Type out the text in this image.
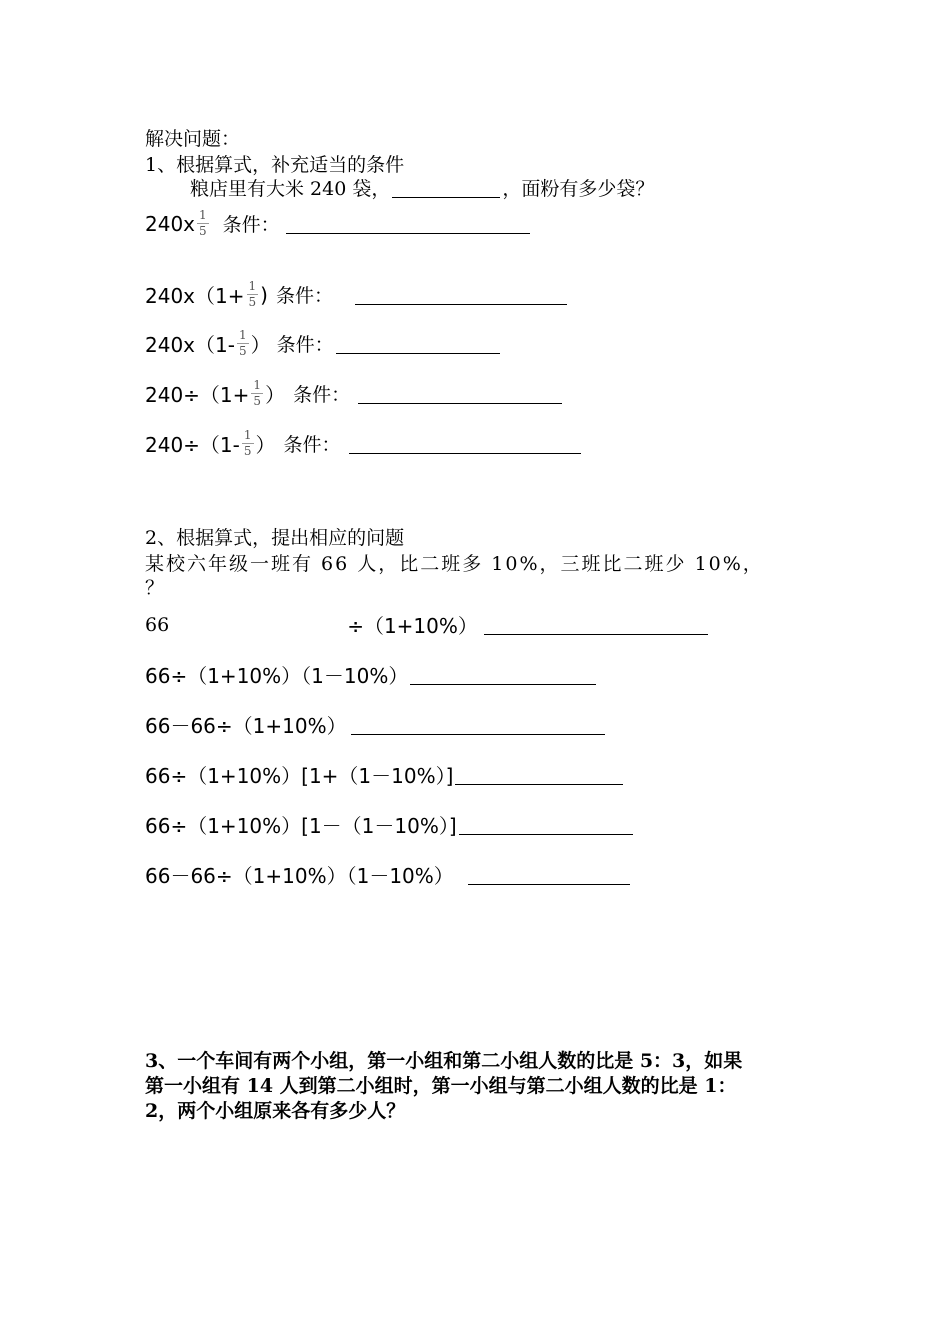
解决问题：
1、根据算式，补充适当的条件
粮店里有大米 240 袋，	，面粉有多少袋？
$240x \frac{1}{5}$ 条件：
$240x(1+ \frac{1}{5}$ ) 条件：
$240x(1- \frac{1}{5}$ ） 条件：
$240\div(1+ \frac{1}{5}$ ） 条件：
$240\div(1- \frac{1}{5}$ ） 条件：
2、根据算式，提出相应的问题
某校六年级一班有 66 人，比二班多 10%，三班比二班少 10%，
？
66	÷（1+10%）
66÷（1+10%）（1－10%）
66－66÷（1+10%）
66÷（1+10%）[1+（1－10%）]
66÷（1+10%）[1－（1－10%）]
66－66÷（1+10%）（1－10%）
3、一个车间有两个小组，第一小组和第二小组人数的比是 5：3，如果
第一小组有 14 人到第二小组时，第一小组与第二小组人数的比是 1：
2，两个小组原来各有多少人？
